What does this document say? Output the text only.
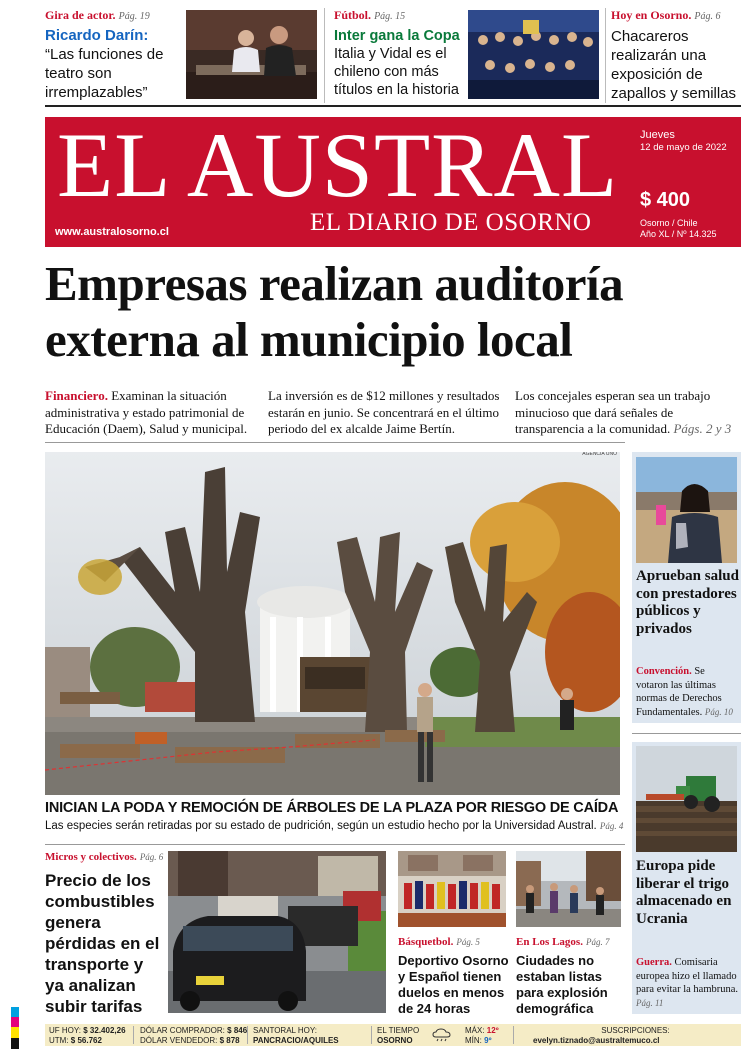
Gira de actor. Pág. 19
Ricardo Darín:
“Las funciones de teatro son irremplazables”
Fútbol. Pág. 15
Inter gana la Copa
Italia y Vidal es el chileno con más títulos en la historia
Hoy en Osorno. Pág. 6
Chacareros realizarán una exposición de zapallos y semillas
EL AUSTRAL
www.australosorno.cl	EL DIARIO DE OSORNO
Jueves
12 de mayo de 2022
$ 400
Osorno / Chile
Año XL / Nº 14.325
Empresas realizan auditoría
externa al municipio local
Financiero. Examinan la situación administrativa y estado patrimonial de Educación (Daem), Salud y municipal.
La inversión es de $12 millones y resultados estarán en junio. Se concentrará en el último periodo del ex alcalde Jaime Bertín.
Los concejales esperan sea un trabajo minucioso que dará señales de transparencia a la comunidad. Págs. 2 y 3
AGENCIA UNO
INICIAN LA PODA Y REMOCIÓN DE ÁRBOLES DE LA PLAZA POR RIESGO DE CAÍDA
Las especies serán retiradas por su estado de pudrición, según un estudio hecho por la Universidad Austral. Pág. 4
Aprueban salud con prestadores públicos y privados
Convención. Se votaron las últimas normas de Derechos Fundamentales. Pág. 10
Europa pide liberar el trigo almacenado en Ucrania
Guerra. Comisaria europea hizo el llamado para evitar la hambruna. Pág. 11
Micros y colectivos. Pág. 6
Precio de los combustibles genera pérdidas en el transporte y ya analizan subir tarifas
Básquetbol. Pág. 5
Deportivo Osorno y Español tienen duelos en menos de 24 horas
En Los Lagos. Pág. 7
Ciudades no estaban listas para explosión demográfica
UF HOY: $ 32.402,26
UTM: $ 56.762
DÓLAR COMPRADOR: $ 846
DÓLAR VENDEDOR: $ 878
SANTORAL HOY:
PANCRACIO/AQUILES
EL TIEMPO
OSORNO
MÁX: 12º
MÍN: 9º
SUSCRIPCIONES:
evelyn.tiznado@australtemuco.cl
